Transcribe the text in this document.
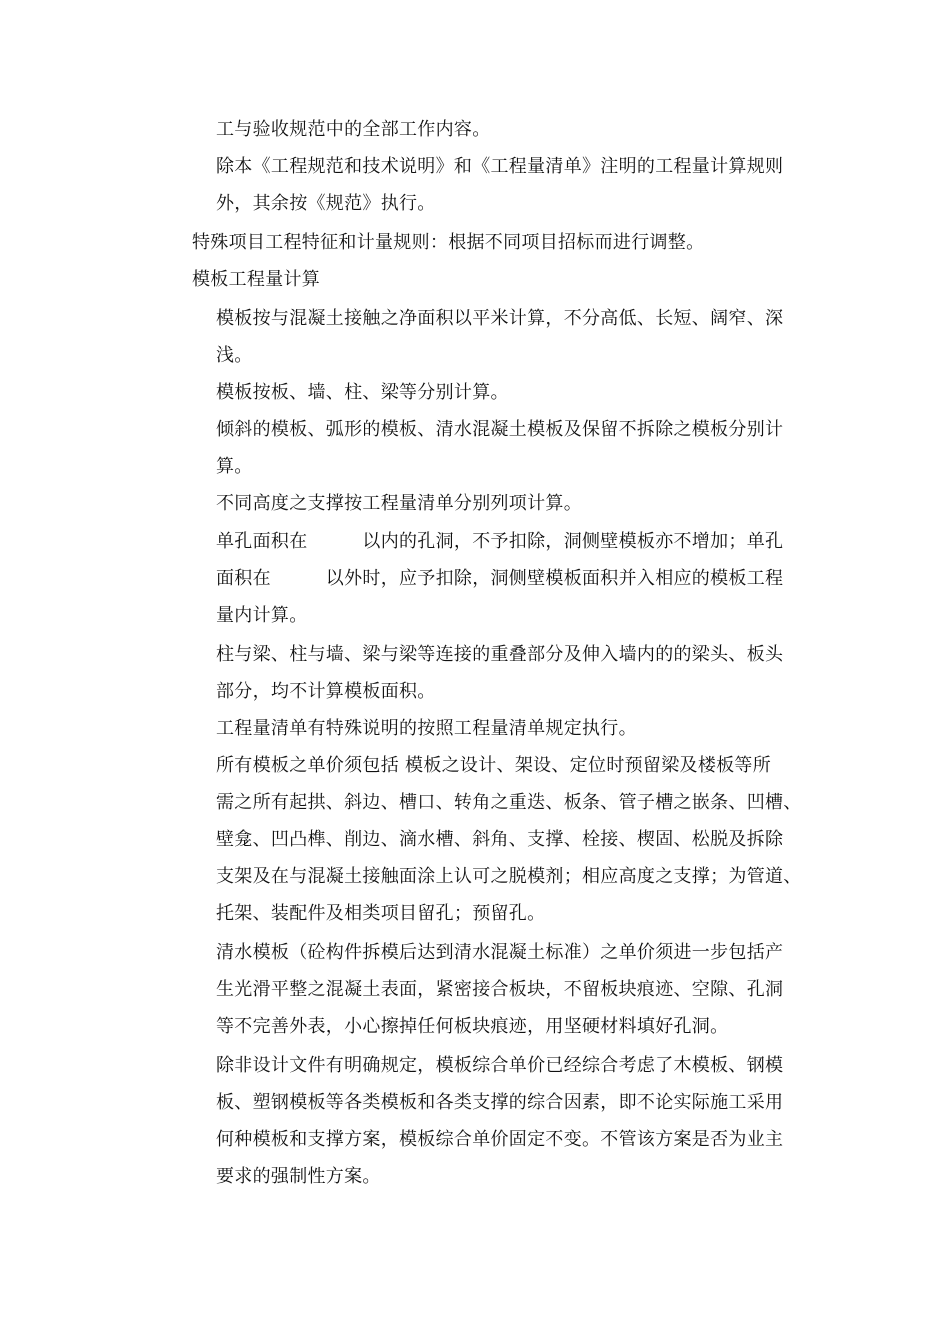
工与验收规范中的全部工作内容。
除本《工程规范和技术说明》和《工程量清单》注明的工程量计算规则
外，其余按《规范》执行。
特殊项目工程特征和计量规则：根据不同项目招标而进行调整。
模板工程量计算
模板按与混凝土接触之净面积以平米计算，不分高低、长短、阔窄、深
浅。
模板按板、墙、柱、梁等分别计算。
倾斜的模板、弧形的模板、清水混凝土模板及保留不拆除之模板分别计
算。
不同高度之支撑按工程量清单分别列项计算。
单孔面积在　　　以内的孔洞，不予扣除，洞侧壁模板亦不增加；单孔
面积在　　　以外时，应予扣除，洞侧壁模板面积并入相应的模板工程
量内计算。
柱与梁、柱与墙、梁与梁等连接的重叠部分及伸入墙内的的梁头、板头
部分，均不计算模板面积。
工程量清单有特殊说明的按照工程量清单规定执行。
所有模板之单价须包括 模板之设计、架设、定位时预留梁及楼板等所
需之所有起拱、斜边、槽口、转角之重迭、板条、管子槽之嵌条、凹槽、
壁龛、凹凸榫、削边、滴水槽、斜角、支撑、栓接、楔固、松脱及拆除
支架及在与混凝土接触面涂上认可之脱模剂；相应高度之支撑；为管道、
托架、装配件及相类项目留孔；预留孔。
清水模板（砼构件拆模后达到清水混凝土标准）之单价须进一步包括产
生光滑平整之混凝土表面，紧密接合板块，不留板块痕迹、空隙、孔洞
等不完善外表，小心擦掉任何板块痕迹，用坚硬材料填好孔洞。
除非设计文件有明确规定，模板综合单价已经综合考虑了木模板、钢模
板、塑钢模板等各类模板和各类支撑的综合因素，即不论实际施工采用
何种模板和支撑方案，模板综合单价固定不变。不管该方案是否为业主
要求的强制性方案。
